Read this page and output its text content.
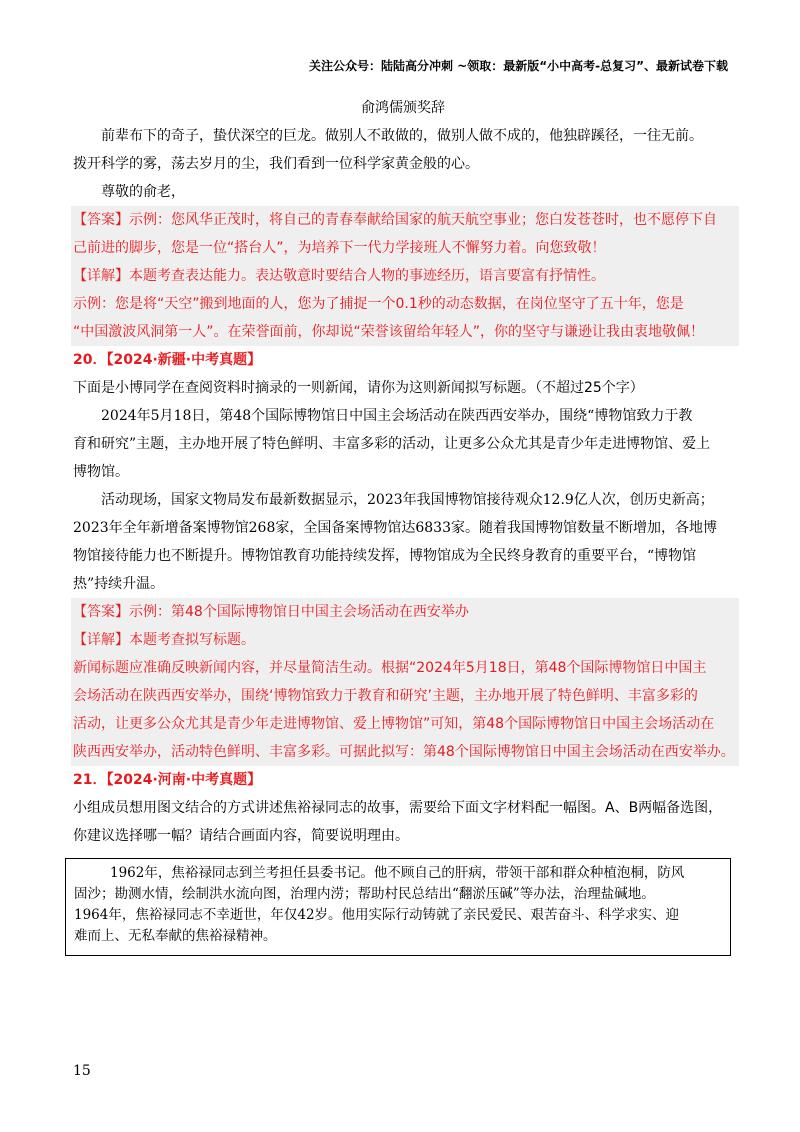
关注公众号：陆陆高分冲刺 ~领取：最新版“小中高考-总复习”、最新试卷下载
俞鸿儒颁奖辞
前辈布下的奇子，蛰伏深空的巨龙。做别人不敢做的，做别人做不成的，他独辟蹊径，一往无前。
拨开科学的雾，荡去岁月的尘，我们看到一位科学家黄金般的心。
尊敬的俞老，
【答案】示例：您风华正茂时，将自己的青春奉献给国家的航天航空事业；您白发苍苍时，也不愿停下自
己前进的脚步，您是一位“搭台人”，为培养下一代力学接班人不懈努力着。向您致敬！
【详解】本题考查表达能力。表达敬意时要结合人物的事迹经历，语言要富有抒情性。
示例：您是将“天空”搬到地面的人，您为了捕捉一个0.1秒的动态数据，在岗位坚守了五十年，您是
“中国激波风洞第一人”。在荣誉面前，你却说“荣誉该留给年轻人”，你的坚守与谦逊让我由衷地敬佩！
20．【2024·新疆·中考真题】
下面是小博同学在查阅资料时摘录的一则新闻，请你为这则新闻拟写标题。（不超过25个字）
2024年5月18日，第48个国际博物馆日中国主会场活动在陕西西安举办，围绕“博物馆致力于教
育和研究”主题，主办地开展了特色鲜明、丰富多彩的活动，让更多公众尤其是青少年走进博物馆、爱上
博物馆。
活动现场，国家文物局发布最新数据显示，2023年我国博物馆接待观众12.9亿人次，创历史新高；
2023年全年新增备案博物馆268家，全国备案博物馆达6833家。随着我国博物馆数量不断增加，各地博
物馆接待能力也不断提升。博物馆教育功能持续发挥，博物馆成为全民终身教育的重要平台，“博物馆
热”持续升温。
【答案】示例：第48个国际博物馆日中国主会场活动在西安举办
【详解】本题考查拟写标题。
新闻标题应准确反映新闻内容，并尽量简洁生动。根据“2024年5月18日，第48个国际博物馆日中国主
会场活动在陕西西安举办，围绕‘博物馆致力于教育和研究’主题，主办地开展了特色鲜明、丰富多彩的
活动，让更多公众尤其是青少年走进博物馆、爱上博物馆”可知，第48个国际博物馆日中国主会场活动在
陕西西安举办，活动特色鲜明、丰富多彩。可据此拟写：第48个国际博物馆日中国主会场活动在西安举办。
21．【2024·河南·中考真题】
小组成员想用图文结合的方式讲述焦裕禄同志的故事，需要给下面文字材料配一幅图。A、B两幅备选图，
你建议选择哪一幅？请结合画面内容，简要说明理由。
1962年，焦裕禄同志到兰考担任县委书记。他不顾自己的肝病，带领干部和群众种植泡桐，防风
固沙；勘测水情，绘制洪水流向图，治理内涝；帮助村民总结出“翻淤压碱”等办法，治理盐碱地。
1964年，焦裕禄同志不幸逝世，年仅42岁。他用实际行动铸就了亲民爱民、艰苦奋斗、科学求实、迎
难而上、无私奉献的焦裕禄精神。
15
